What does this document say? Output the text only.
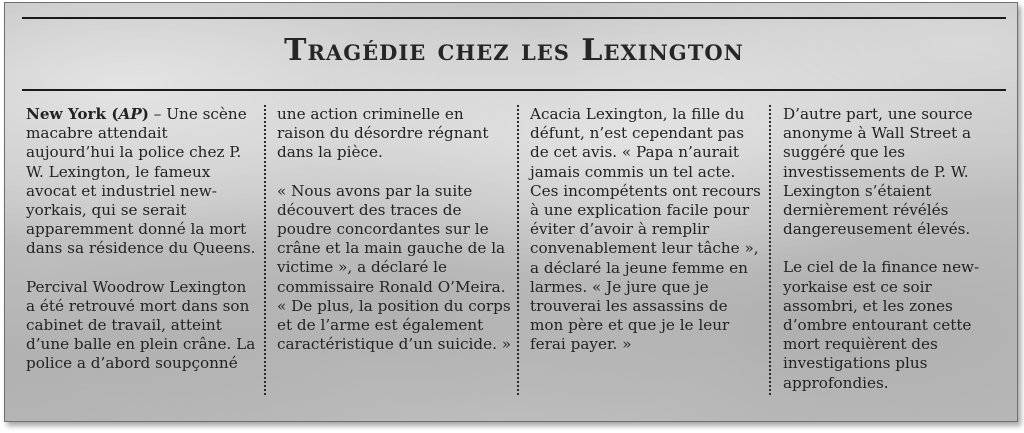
Tragédie chez les Lexington

New York (AP) – Une scène macabre attendait aujourd’hui la police chez P. W. Lexington, le fameux avocat et industriel new-yorkais, qui se serait apparemment donné la mort dans sa résidence du Queens.

Percival Woodrow Lexington a été retrouvé mort dans son cabinet de travail, atteint d’une balle en plein crâne. La police a d’abord soupçonné

une action criminelle en raison du désordre régnant dans la pièce.

« Nous avons par la suite découvert des traces de poudre concordantes sur le crâne et la main gauche de la victime », a déclaré le commissaire Ronald O’Meira. « De plus, la position du corps et de l’arme est également caractéristique d’un suicide. »

Acacia Lexington, la fille du défunt, n’est cependant pas de cet avis. « Papa n’aurait jamais commis un tel acte. Ces incompétents ont recours à une explication facile pour éviter d’avoir à remplir convenablement leur tâche », a déclaré la jeune femme en larmes. « Je jure que je trouverai les assassins de mon père et que je le leur ferai payer. »

D’autre part, une source anonyme à Wall Street a suggéré que les investissements de P. W. Lexington s’étaient dernièrement révélés dangereusement élevés.

Le ciel de la finance new-yorkaise est ce soir assombri, et les zones d’ombre entourant cette mort requièrent des investigations plus approfondies.
